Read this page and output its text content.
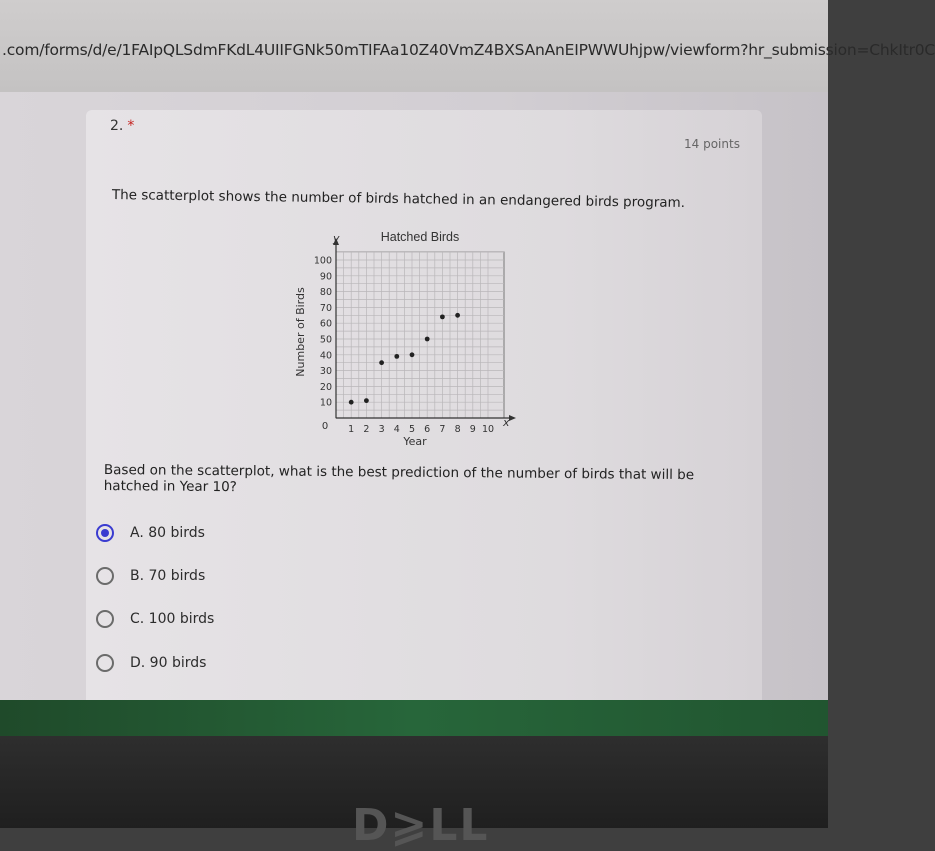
.com/forms/d/e/1FAIpQLSdmFKdL4UIIFGNk50mTIFAa10Z40VmZ4BXSAnAnEIPWWUhjpw/viewform?hr_submission=ChkItr0C
2. *
14 points
The scatterplot shows the number of birds hatched in an endangered birds program.
Hatched Birds
10
20
30
40
50
60
70
80
90
100
1 2 3 4 5 6 7 8 9 10
y
x
0
Year
Number of Birds
Based on the scatterplot, what is the best prediction of the number of birds that will be hatched in Year 10?
A. 80 birds
B. 70 birds
C. 100 birds
D. 90 birds
D⩾LL
